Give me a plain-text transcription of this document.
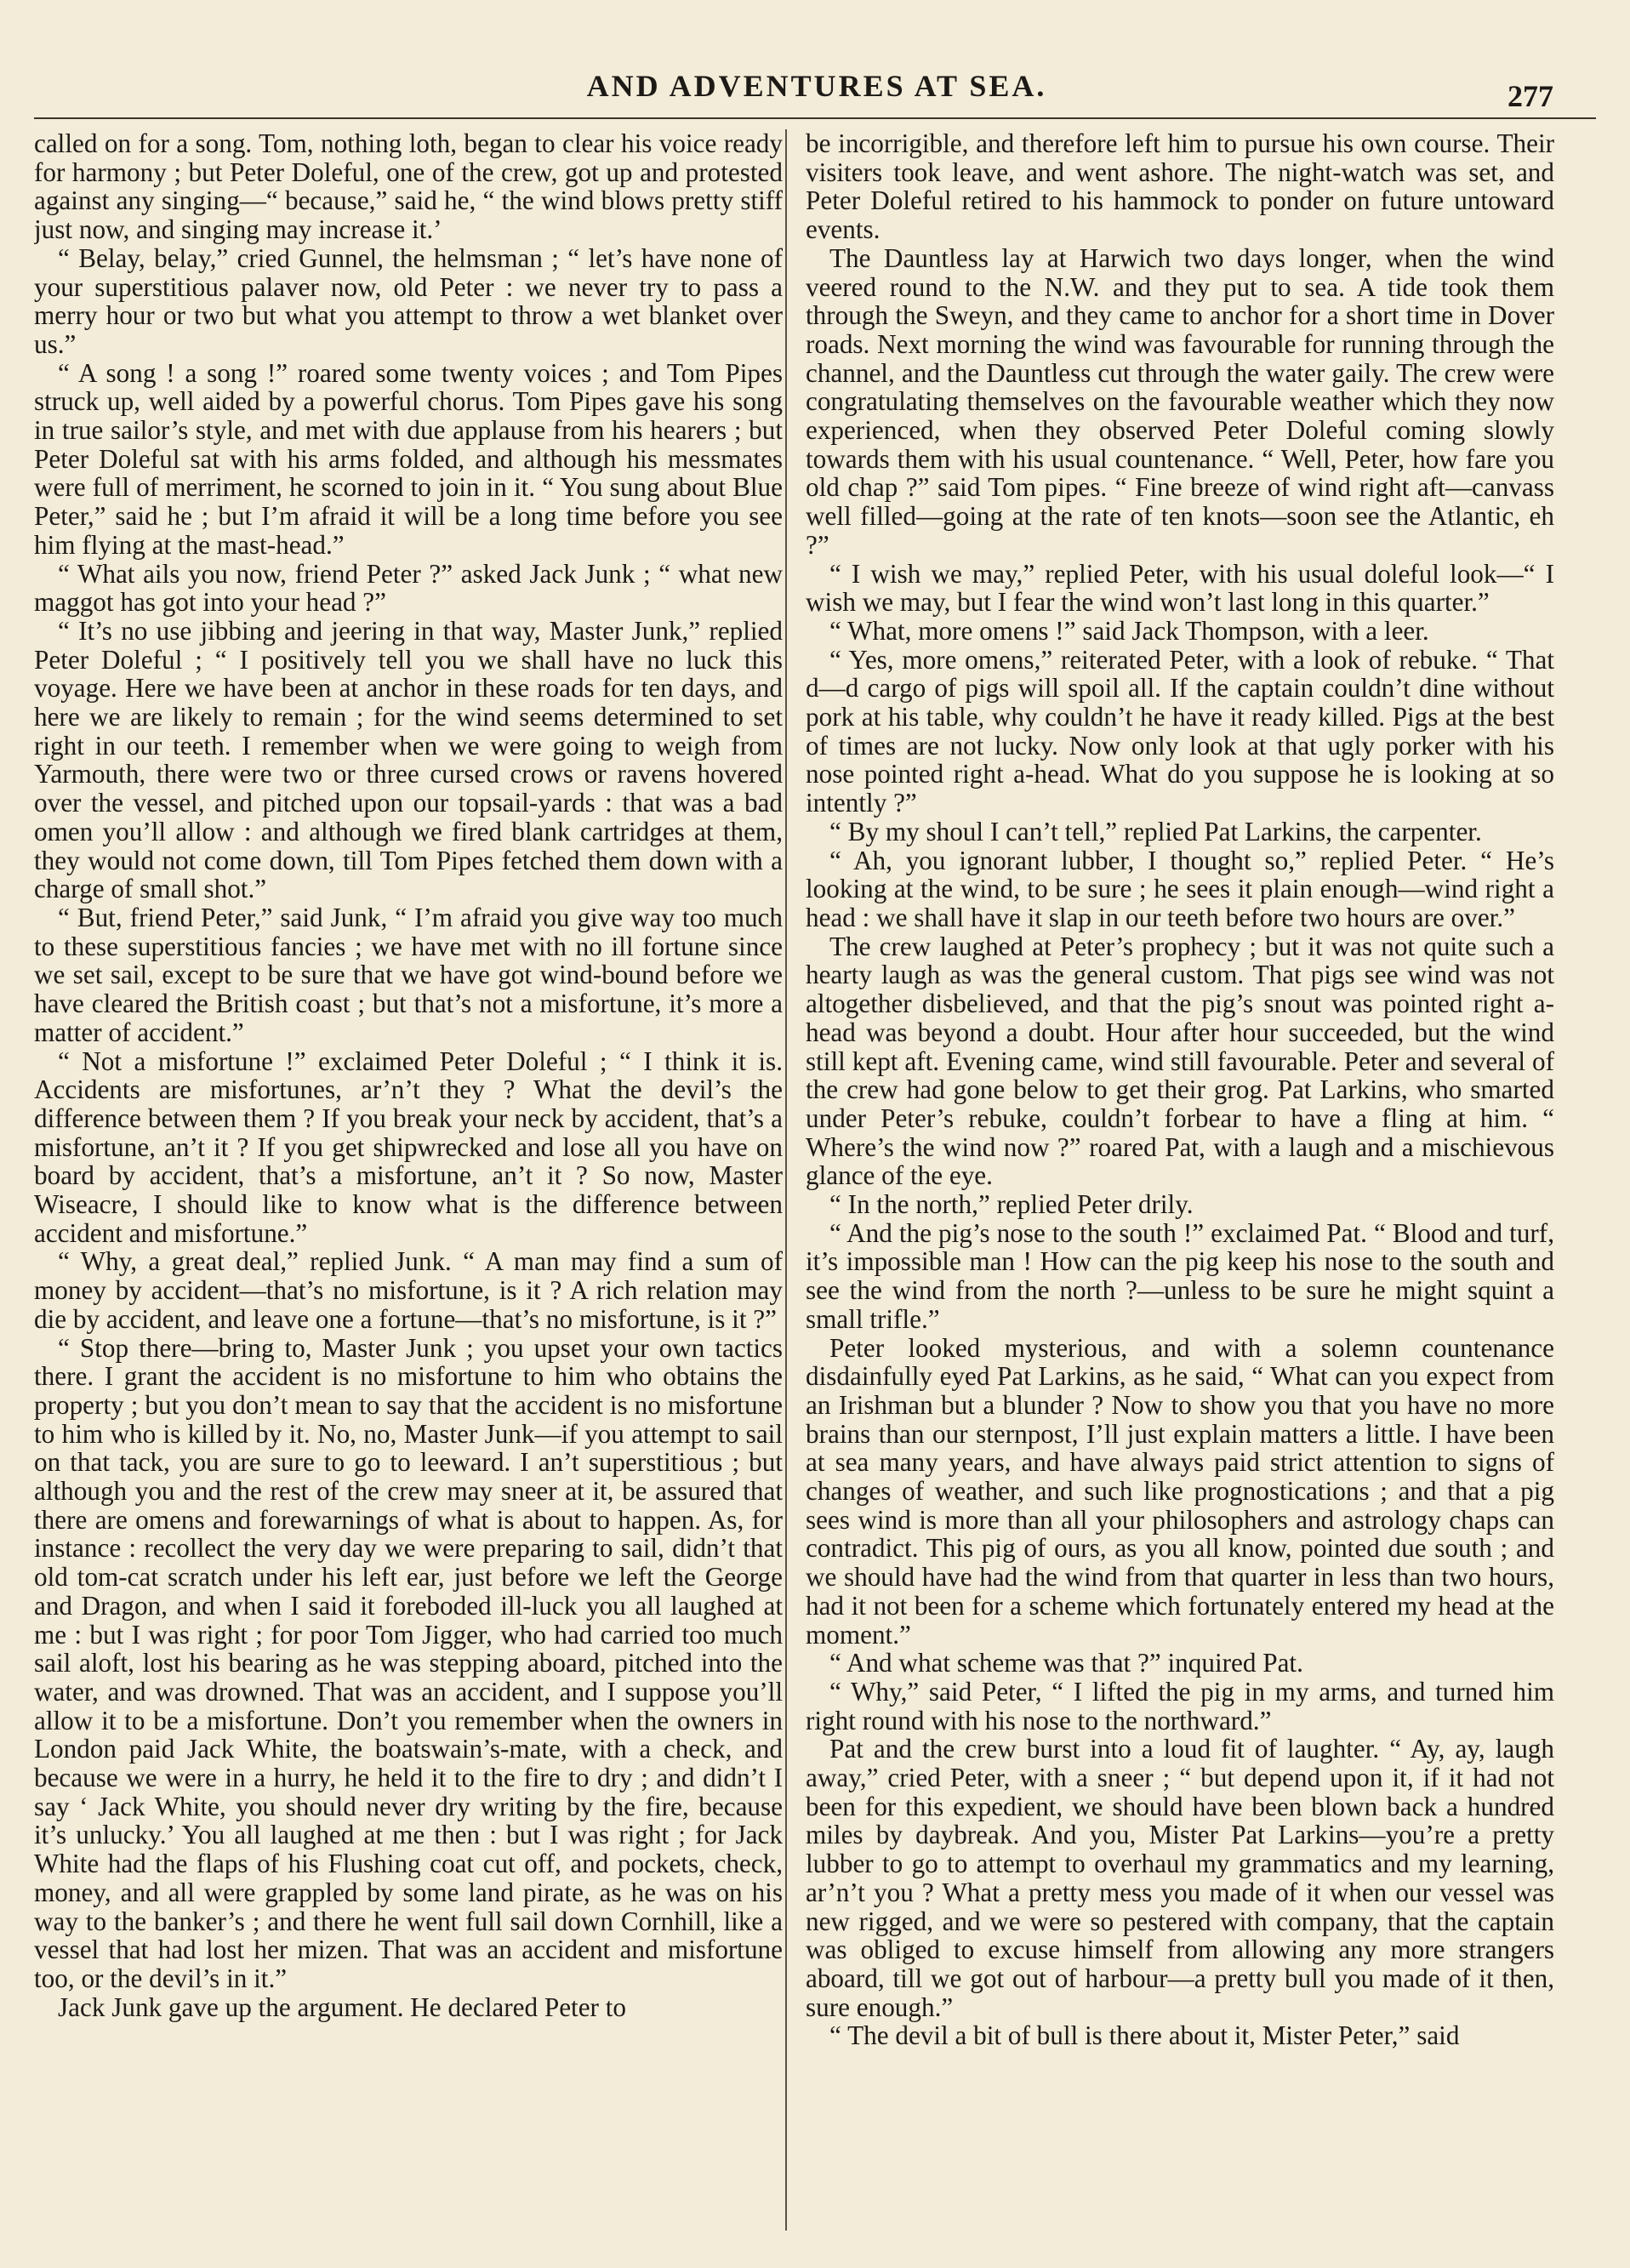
AND ADVENTURES AT SEA.	277

called on for a song. Tom, nothing loth, began to clear his voice ready for harmony ; but Peter Doleful, one of the crew, got up and protested against any singing—“ because,” said he, “ the wind blows pretty stiff just now, and singing may increase it.’

“ Belay, belay,” cried Gunnel, the helmsman ; “ let’s have none of your superstitious palaver now, old Peter : we never try to pass a merry hour or two but what you attempt to throw a wet blanket over us.”

“ A song ! a song !” roared some twenty voices ; and Tom Pipes struck up, well aided by a powerful chorus. Tom Pipes gave his song in true sailor’s style, and met with due applause from his hearers ; but Peter Doleful sat with his arms folded, and although his messmates were full of merriment, he scorned to join in it. “ You sung about Blue Peter,” said he ; but I’m afraid it will be a long time before you see him flying at the mast-head.”

“ What ails you now, friend Peter ?” asked Jack Junk ; “ what new maggot has got into your head ?”

“ It’s no use jibbing and jeering in that way, Master Junk,” replied Peter Doleful ; “ I positively tell you we shall have no luck this voyage. Here we have been at anchor in these roads for ten days, and here we are likely to remain ; for the wind seems determined to set right in our teeth. I remember when we were going to weigh from Yarmouth, there were two or three cursed crows or ravens hovered over the vessel, and pitched upon our topsail-yards : that was a bad omen you’ll allow : and although we fired blank cartridges at them, they would not come down, till Tom Pipes fetched them down with a charge of small shot.”

“ But, friend Peter,” said Junk, “ I’m afraid you give way too much to these superstitious fancies ; we have met with no ill fortune since we set sail, except to be sure that we have got wind-bound before we have cleared the British coast ; but that’s not a misfortune, it’s more a matter of accident.”

“ Not a misfortune !” exclaimed Peter Doleful ; “ I think it is. Accidents are misfortunes, ar’n’t they ? What the devil’s the difference between them ? If you break your neck by accident, that’s a misfortune, an’t it ? If you get shipwrecked and lose all you have on board by accident, that’s a misfortune, an’t it ? So now, Master Wiseacre, I should like to know what is the difference between accident and misfortune.”

“ Why, a great deal,” replied Junk. “ A man may find a sum of money by accident—that’s no misfortune, is it ? A rich relation may die by accident, and leave one a fortune—that’s no misfortune, is it ?”

“ Stop there—bring to, Master Junk ; you upset your own tactics there. I grant the accident is no misfortune to him who obtains the property ; but you don’t mean to say that the accident is no misfortune to him who is killed by it. No, no, Master Junk—if you attempt to sail on that tack, you are sure to go to leeward. I an’t superstitious ; but although you and the rest of the crew may sneer at it, be assured that there are omens and forewarnings of what is about to happen. As, for instance : recollect the very day we were preparing to sail, didn’t that old tom-cat scratch under his left ear, just before we left the George and Dragon, and when I said it foreboded ill-luck you all laughed at me : but I was right ; for poor Tom Jigger, who had carried too much sail aloft, lost his bearing as he was stepping aboard, pitched into the water, and was drowned. That was an accident, and I suppose you’ll allow it to be a misfortune. Don’t you remember when the owners in London paid Jack White, the boatswain’s-mate, with a check, and because we were in a hurry, he held it to the fire to dry ; and didn’t I say ‘ Jack White, you should never dry writing by the fire, because it’s unlucky.’ You all laughed at me then : but I was right ; for Jack White had the flaps of his Flushing coat cut off, and pockets, check, money, and all were grappled by some land pirate, as he was on his way to the banker’s ; and there he went full sail down Cornhill, like a vessel that had lost her mizen. That was an accident and misfortune too, or the devil’s in it.”

Jack Junk gave up the argument. He declared Peter to

be incorrigible, and therefore left him to pursue his own course. Their visiters took leave, and went ashore. The night-watch was set, and Peter Doleful retired to his hammock to ponder on future untoward events.

The Dauntless lay at Harwich two days longer, when the wind veered round to the N.W. and they put to sea. A tide took them through the Sweyn, and they came to anchor for a short time in Dover roads. Next morning the wind was favourable for running through the channel, and the Dauntless cut through the water gaily. The crew were congratulating themselves on the favourable weather which they now experienced, when they observed Peter Doleful coming slowly towards them with his usual countenance. “ Well, Peter, how fare you old chap ?” said Tom pipes. “ Fine breeze of wind right aft—canvass well filled—going at the rate of ten knots—soon see the Atlantic, eh ?”

“ I wish we may,” replied Peter, with his usual doleful look—“ I wish we may, but I fear the wind won’t last long in this quarter.”

“ What, more omens !” said Jack Thompson, with a leer.

“ Yes, more omens,” reiterated Peter, with a look of rebuke. “ That d—d cargo of pigs will spoil all. If the captain couldn’t dine without pork at his table, why couldn’t he have it ready killed. Pigs at the best of times are not lucky. Now only look at that ugly porker with his nose pointed right a-head. What do you suppose he is looking at so intently ?”

“ By my shoul I can’t tell,” replied Pat Larkins, the carpenter.

“ Ah, you ignorant lubber, I thought so,” replied Peter. “ He’s looking at the wind, to be sure ; he sees it plain enough—wind right a head : we shall have it slap in our teeth before two hours are over.”

The crew laughed at Peter’s prophecy ; but it was not quite such a hearty laugh as was the general custom. That pigs see wind was not altogether disbelieved, and that the pig’s snout was pointed right a-head was beyond a doubt. Hour after hour succeeded, but the wind still kept aft. Evening came, wind still favourable. Peter and several of the crew had gone below to get their grog. Pat Larkins, who smarted under Peter’s rebuke, couldn’t forbear to have a fling at him. “ Where’s the wind now ?” roared Pat, with a laugh and a mischievous glance of the eye.

“ In the north,” replied Peter drily.

“ And the pig’s nose to the south !” exclaimed Pat. “ Blood and turf, it’s impossible man ! How can the pig keep his nose to the south and see the wind from the north ?—unless to be sure he might squint a small trifle.”

Peter looked mysterious, and with a solemn countenance disdainfully eyed Pat Larkins, as he said, “ What can you expect from an Irishman but a blunder ? Now to show you that you have no more brains than our sternpost, I’ll just explain matters a little. I have been at sea many years, and have always paid strict attention to signs of changes of weather, and such like prognostications ; and that a pig sees wind is more than all your philosophers and astrology chaps can contradict. This pig of ours, as you all know, pointed due south ; and we should have had the wind from that quarter in less than two hours, had it not been for a scheme which fortunately entered my head at the moment.”

“ And what scheme was that ?” inquired Pat.

“ Why,” said Peter, “ I lifted the pig in my arms, and turned him right round with his nose to the northward.”

Pat and the crew burst into a loud fit of laughter. “ Ay, ay, laugh away,” cried Peter, with a sneer ; “ but depend upon it, if it had not been for this expedient, we should have been blown back a hundred miles by daybreak. And you, Mister Pat Larkins—you’re a pretty lubber to go to attempt to overhaul my grammatics and my learning, ar’n’t you ? What a pretty mess you made of it when our vessel was new rigged, and we were so pestered with company, that the captain was obliged to excuse himself from allowing any more strangers aboard, till we got out of harbour—a pretty bull you made of it then, sure enough.”

“ The devil a bit of bull is there about it, Mister Peter,” said
